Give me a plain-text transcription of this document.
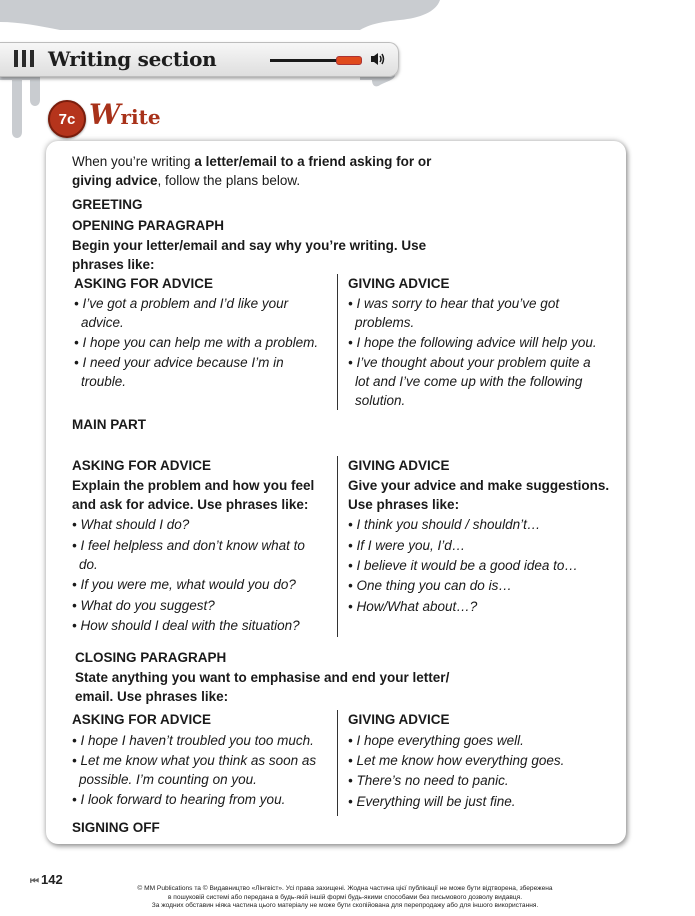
Writing section
7c Write
When you’re writing a letter/email to a friend asking for or
giving advice, follow the plans below.
GREETING
OPENING PARAGRAPH
Begin your letter/email and say why you’re writing. Use
phrases like:
ASKING FOR ADVICE
• I’ve got a problem and I’d like your
advice.
• I hope you can help me with a problem.
• I need your advice because I’m in
trouble.
GIVING ADVICE
• I was sorry to hear that you’ve got
problems.
• I hope the following advice will help you.
• I’ve thought about your problem quite a
lot and I’ve come up with the following
solution.
MAIN PART
ASKING FOR ADVICE
Explain the problem and how you feel
and ask for advice. Use phrases like:
• What should I do?
• I feel helpless and don’t know what to
do.
• If you were me, what would you do?
• What do you suggest?
• How should I deal with the situation?
GIVING ADVICE
Give your advice and make suggestions.
Use phrases like:
• I think you should / shouldn’t…
• If I were you, I’d…
• I believe it would be a good idea to…
• One thing you can do is…
• How/What about…?
CLOSING PARAGRAPH
State anything you want to emphasise and end your letter/
email. Use phrases like:
ASKING FOR ADVICE
• I hope I haven’t troubled you too much.
• Let me know what you think as soon as
possible. I’m counting on you.
• I look forward to hearing from you.
GIVING ADVICE
• I hope everything goes well.
• Let me know how everything goes.
• There’s no need to panic.
• Everything will be just fine.
SIGNING OFF
⏮ 142
© MM Publications та © Видавництво «Лінгвіст». Усі права захищені. Жодна частина цієї публікації не може бути відтворена, збережена
в пошуковій системі або передана в будь-якій іншій формі будь-якими способами без письмового дозволу видавця.
За жодних обставин ніяка частина цього матеріалу не може бути скопійована для перепродажу або для іншого використання.
